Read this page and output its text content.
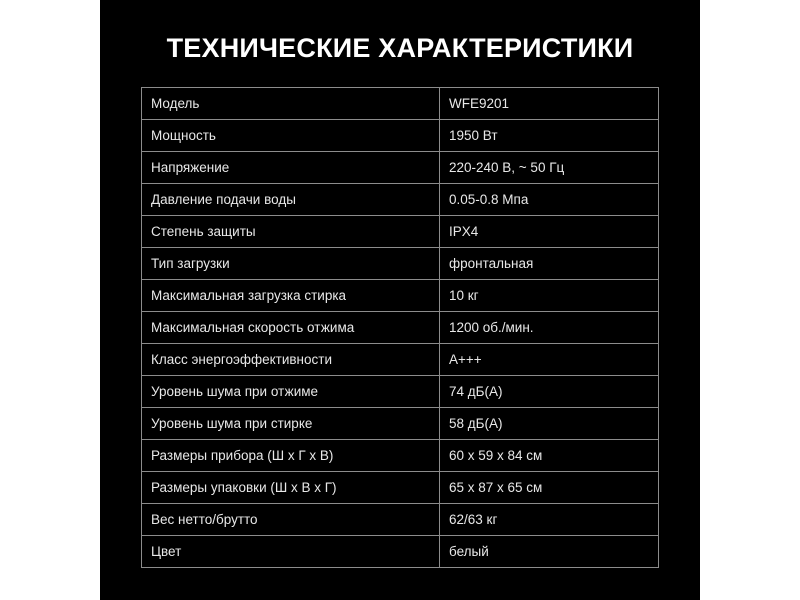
ТЕХНИЧЕСКИЕ ХАРАКТЕРИСТИКИ
Модель	WFE9201
Мощность	1950 Вт
Напряжение	220-240 В, ~ 50 Гц
Давление подачи воды	0.05-0.8 Мпа
Степень защиты	IPX4
Тип загрузки	фронтальная
Максимальная загрузка стирка	10 кг
Максимальная скорость отжима	1200 об./мин.
Класс энергоэффективности	A+++
Уровень шума при отжиме	74 дБ(А)
Уровень шума при стирке	58 дБ(А)
Размеры прибора (Ш х Г х В)	60 х 59 х 84 см
Размеры упаковки (Ш х В х Г)	65 х 87 х 65 см
Вес нетто/брутто	62/63 кг
Цвет	белый
